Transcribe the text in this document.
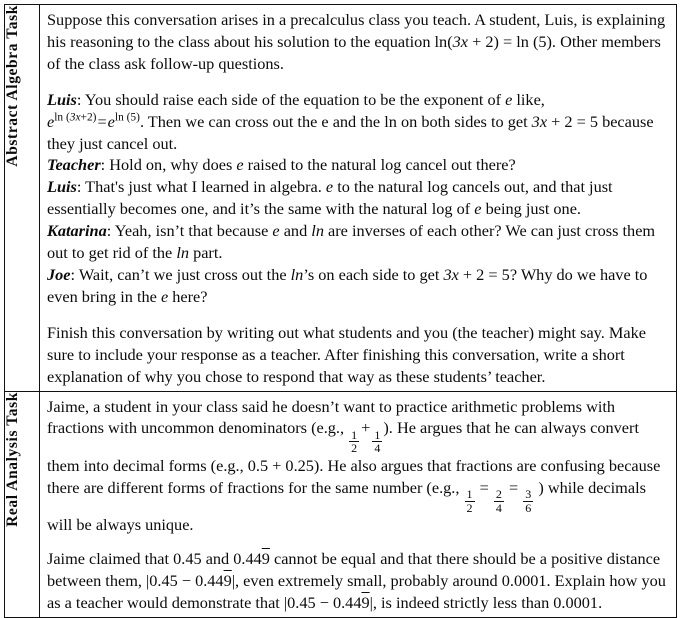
Abstract Algebra Task	Suppose this conversation arises in a precalculus class you teach. A student, Luis, is explaining his reasoning to the class about his solution to the equation ln(3x + 2) = ln (5). Other members of the class ask follow-up questions.

Luis: You should raise each side of the equation to be the exponent of e like,
$e^{ln (3x+2)}=e^{ln (5)}$. Then we can cross out the e and the ln on both sides to get 3x + 2 = 5 because they just cancel out.

Teacher: Hold on, why does e raised to the natural log cancel out there?

Luis: That's just what I learned in algebra. e to the natural log cancels out, and that just essentially becomes one, and it’s the same with the natural log of e being just one.

Katarina: Yeah, isn’t that because e and ln are inverses of each other? We can just cross them out to get rid of the ln part.

Joe: Wait, can’t we just cross out the ln’s on each side to get 3x + 2 = 5? Why do we have to even bring in the e here?

Finish this conversation by writing out what students and you (the teacher) might say. Make sure to include your response as a teacher. After finishing this conversation, write a short explanation of why you chose to respond that way as these students’ teacher.

Real Analysis Task	Jaime, a student in your class said he doesn’t want to practice arithmetic problems with fractions with uncommon denominators (e.g.,
$\frac{1}{2}$
+
$\frac{1}{4}$
). He argues that he can always convert them into decimal forms (e.g., 0.5 + 0.25). He also argues that fractions are confusing because there are different forms of fractions for the same number (e.g.,
$\frac{1}{2}$
=
$\frac{2}{4}$
=
$\frac{3}{6}$
) while decimals will be always unique.

Jaime claimed that 0.45 and 0.449 cannot be equal and that there should be a positive distance between them, |0.45 − 0.449|, even extremely small, probably around 0.0001. Explain how you as a teacher would demonstrate that |0.45 − 0.449|, is indeed strictly less than 0.0001.
